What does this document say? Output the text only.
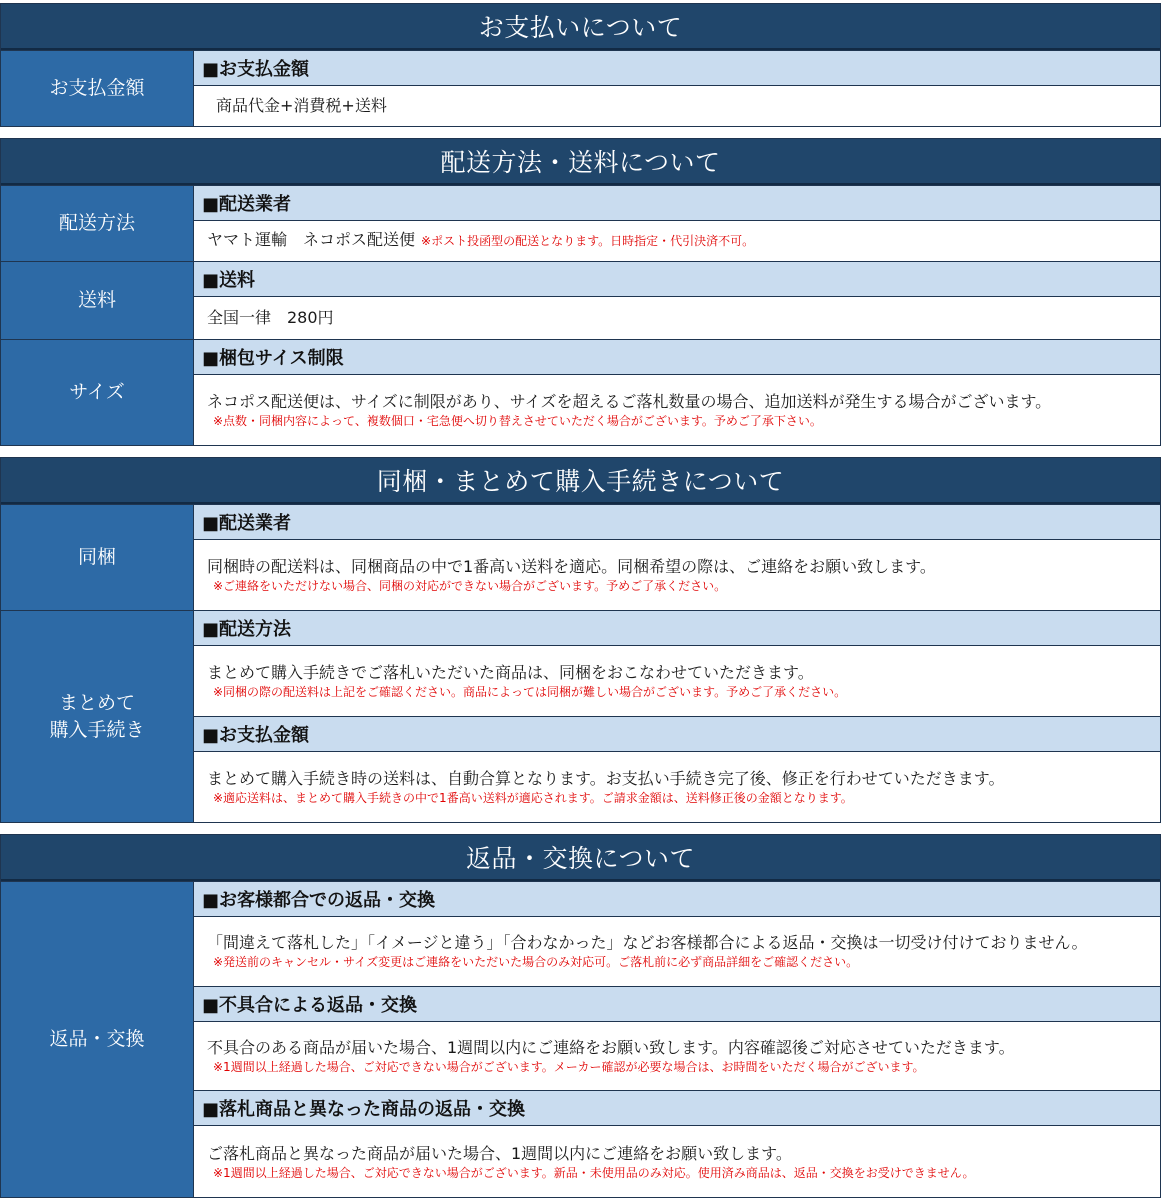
お支払いについて
お支払金額
■お支払金額
商品代金+消費税+送料
配送方法・送料について
配送方法
■配送業者
ヤマト運輸　ネコポス配送便 ※ポスト投函型の配送となります。日時指定・代引決済不可。
送料
■送料
全国一律　280円
サイズ
■梱包サイス制限
ネコポス配送便は、サイズに制限があり、サイズを超えるご落札数量の場合、追加送料が発生する場合がございます。
※点数・同梱内容によって、複数個口・宅急便へ切り替えさせていただく場合がございます。予めご了承下さい。
同梱・まとめて購入手続きについて
同梱
■配送業者
同梱時の配送料は、同梱商品の中で1番高い送料を適応。同梱希望の際は、ご連絡をお願い致します。
※ご連絡をいただけない場合、同梱の対応ができない場合がございます。予めご了承ください。
まとめて
購入手続き
■配送方法
まとめて購入手続きでご落札いただいた商品は、同梱をおこなわせていただきます。
※同梱の際の配送料は上記をご確認ください。商品によっては同梱が難しい場合がございます。予めご了承ください。
■お支払金額
まとめて購入手続き時の送料は、自動合算となります。お支払い手続き完了後、修正を行わせていただきます。
※適応送料は、まとめて購入手続きの中で1番高い送料が適応されます。ご請求金額は、送料修正後の金額となります。
返品・交換について
返品・交換
■お客様都合での返品・交換
「間違えて落札した」「イメージと違う」「合わなかった」などお客様都合による返品・交換は一切受け付けておりません。
※発送前のキャンセル・サイズ変更はご連絡をいただいた場合のみ対応可。ご落札前に必ず商品詳細をご確認ください。
■不具合による返品・交換
不具合のある商品が届いた場合、1週間以内にご連絡をお願い致します。内容確認後ご対応させていただきます。
※1週間以上経過した場合、ご対応できない場合がございます。メーカー確認が必要な場合は、お時間をいただく場合がございます。
■落札商品と異なった商品の返品・交換
ご落札商品と異なった商品が届いた場合、1週間以内にご連絡をお願い致します。
※1週間以上経過した場合、ご対応できない場合がございます。新品・未使用品のみ対応。使用済み商品は、返品・交換をお受けできません。
